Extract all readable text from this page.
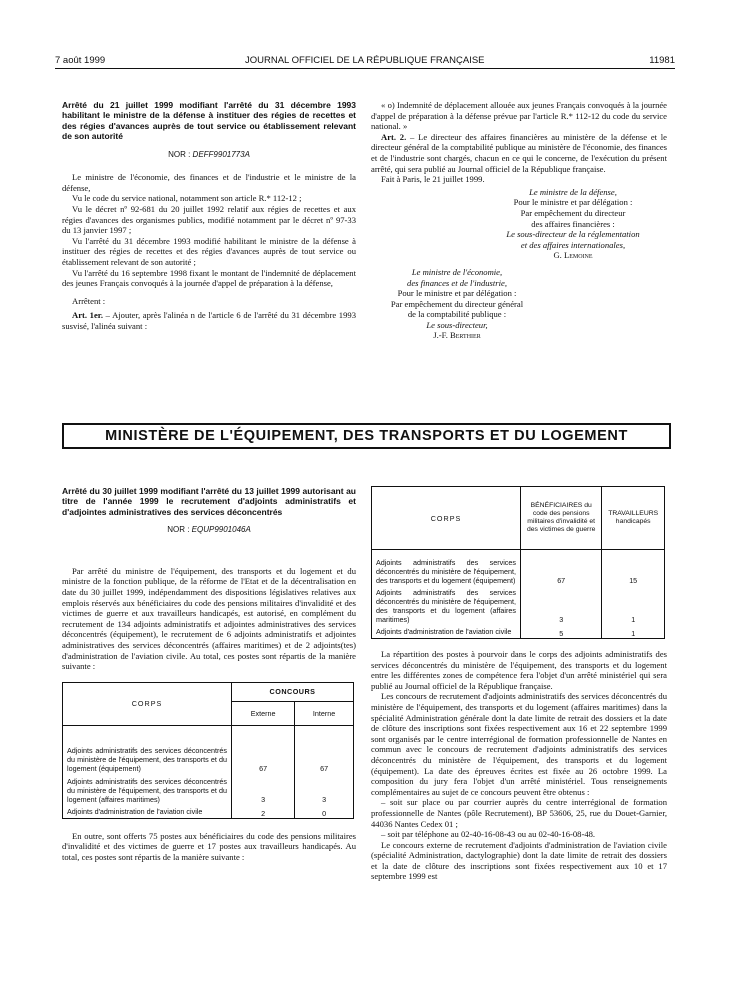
7 août 1999	JOURNAL OFFICIEL DE LA RÉPUBLIQUE FRANÇAISE	11981

Arrêté du 21 juillet 1999 modifiant l'arrêté du 31 décembre 1993 habilitant le ministre de la défense à instituer des régies de recettes et des régies d'avances auprès de tout service ou établissement relevant de son autorité

NOR : DEFF9901773A

Le ministre de l'économie, des finances et de l'industrie et le ministre de la défense,

Vu le code du service national, notamment son article R.* 112-12 ;

Vu le décret nº 92-681 du 20 juillet 1992 relatif aux régies de recettes et aux régies d'avances des organismes publics, modifié notamment par le décret nº 97-33 du 13 janvier 1997 ;

Vu l'arrêté du 31 décembre 1993 modifié habilitant le ministre de la défense à instituer des régies de recettes et des régies d'avances auprès de tout service ou établissement relevant de son autorité ;

Vu l'arrêté du 16 septembre 1998 fixant le montant de l'indemnité de déplacement des jeunes Français convoqués à la journée d'appel de préparation à la défense,

Arrêtent :

Art. 1er. – Ajouter, après l'alinéa n de l'article 6 de l'arrêté du 31 décembre 1993 susvisé, l'alinéa suivant :

« o) Indemnité de déplacement allouée aux jeunes Français convoqués à la journée d'appel de préparation à la défense prévue par l'article R.* 112-12 du code du service national. »

Art. 2. – Le directeur des affaires financières au ministère de la défense et le directeur général de la comptabilité publique au ministère de l'économie, des finances et de l'industrie sont chargés, chacun en ce qui le concerne, de l'exécution du présent arrêté, qui sera publié au Journal officiel de la République française.

Fait à Paris, le 21 juillet 1999.

Le ministre de la défense,
Pour le ministre et par délégation :
Par empêchement du directeur
des affaires financières :
Le sous-directeur de la réglementation
et des affaires internationales,
G. Lemoine
Le ministre de l'économie,
des finances et de l'industrie,
Pour le ministre et par délégation :
Par empêchement du directeur général
de la comptabilité publique :
Le sous-directeur,
J.-F. Berthier
MINISTÈRE DE L'ÉQUIPEMENT, DES TRANSPORTS ET DU LOGEMENT

Arrêté du 30 juillet 1999 modifiant l'arrêté du 13 juillet 1999 autorisant au titre de l'année 1999 le recrutement d'adjoints administratifs et d'adjointes administratives des services déconcentrés

NOR : EQUP9901046A

Par arrêté du ministre de l'équipement, des transports et du logement et du ministre de la fonction publique, de la réforme de l'Etat et de la décentralisation en date du 30 juillet 1999, indépendamment des dispositions législatives relatives aux emplois réservés aux bénéficiaires du code des pensions militaires d'invalidité et des victimes de guerre et aux travailleurs handicapés, est autorisé, en complément du recrutement de 134 adjoints administratifs et adjointes administratives des services déconcentrés (équipement), le recrutement de 6 adjoints administratifs et adjointes administratives des services déconcentrés (affaires maritimes) et de 2 adjoints(tes) d'administration de l'aviation civile. Au total, ces postes sont répartis de la manière suivante :

CORPS	CONCOURS	
	Externe	Interne
Adjoints administratifs des services déconcentrés du ministère de l'équipement, des transports et du logement (équipement)	67	67
Adjoints administratifs des services déconcentrés du ministère de l'équipement, des transports et du logement (affaires maritimes)	3	3
Adjoints d'administration de l'aviation civile	2	0

En outre, sont offerts 75 postes aux bénéficiaires du code des pensions militaires d'invalidité et des victimes de guerre et 17 postes aux travailleurs handicapés. Au total, ces postes sont répartis de la manière suivante :

CORPS	BÉNÉFICIAIRES du code des pensions militaires d'invalidité et des victimes de guerre	TRAVAILLEURS handicapés
Adjoints administratifs des services déconcentrés du ministère de l'équipement, des transports et du logement (équipement)	67	15
Adjoints administratifs des services déconcentrés du ministère de l'équipement, des transports et du logement (affaires maritimes)	3	1
Adjoints d'administration de l'aviation civile	5	1

La répartition des postes à pourvoir dans le corps des adjoints administratifs des services déconcentrés du ministère de l'équipement, des transports et du logement entre les différentes zones de compétence fera l'objet d'un arrêté ministériel qui sera publié au Journal officiel de la République française.

Les concours de recrutement d'adjoints administratifs des services déconcentrés du ministère de l'équipement, des transports et du logement (affaires maritimes) dans la spécialité Administration générale dont la date limite de retrait des dossiers et la date de clôture des inscriptions sont fixées respectivement aux 16 et 22 septembre 1999 sont organisés par le centre interrégional de formation professionnelle de Nantes en commun avec le concours de recrutement d'adjoints administratifs des services déconcentrés du ministère de l'équipement, des transports et du logement (équipement). La date des épreuves écrites est fixée au 26 octobre 1999. La composition du jury fera l'objet d'un arrêté ministériel. Tous renseignements complémentaires au sujet de ce concours peuvent être obtenus :

– soit sur place ou par courrier auprès du centre interrégional de formation professionnelle de Nantes (pôle Recrutement), BP 53606, 25, rue du Douet-Garnier, 44036 Nantes Cedex 01 ;

– soit par téléphone au 02-40-16-08-43 ou au 02-40-16-08-48.

Le concours externe de recrutement d'adjoints d'administration de l'aviation civile (spécialité Administration, dactylographie) dont la date limite de retrait des dossiers et la date de clôture des inscriptions sont fixées respectivement aux 10 et 17 septembre 1999 est
